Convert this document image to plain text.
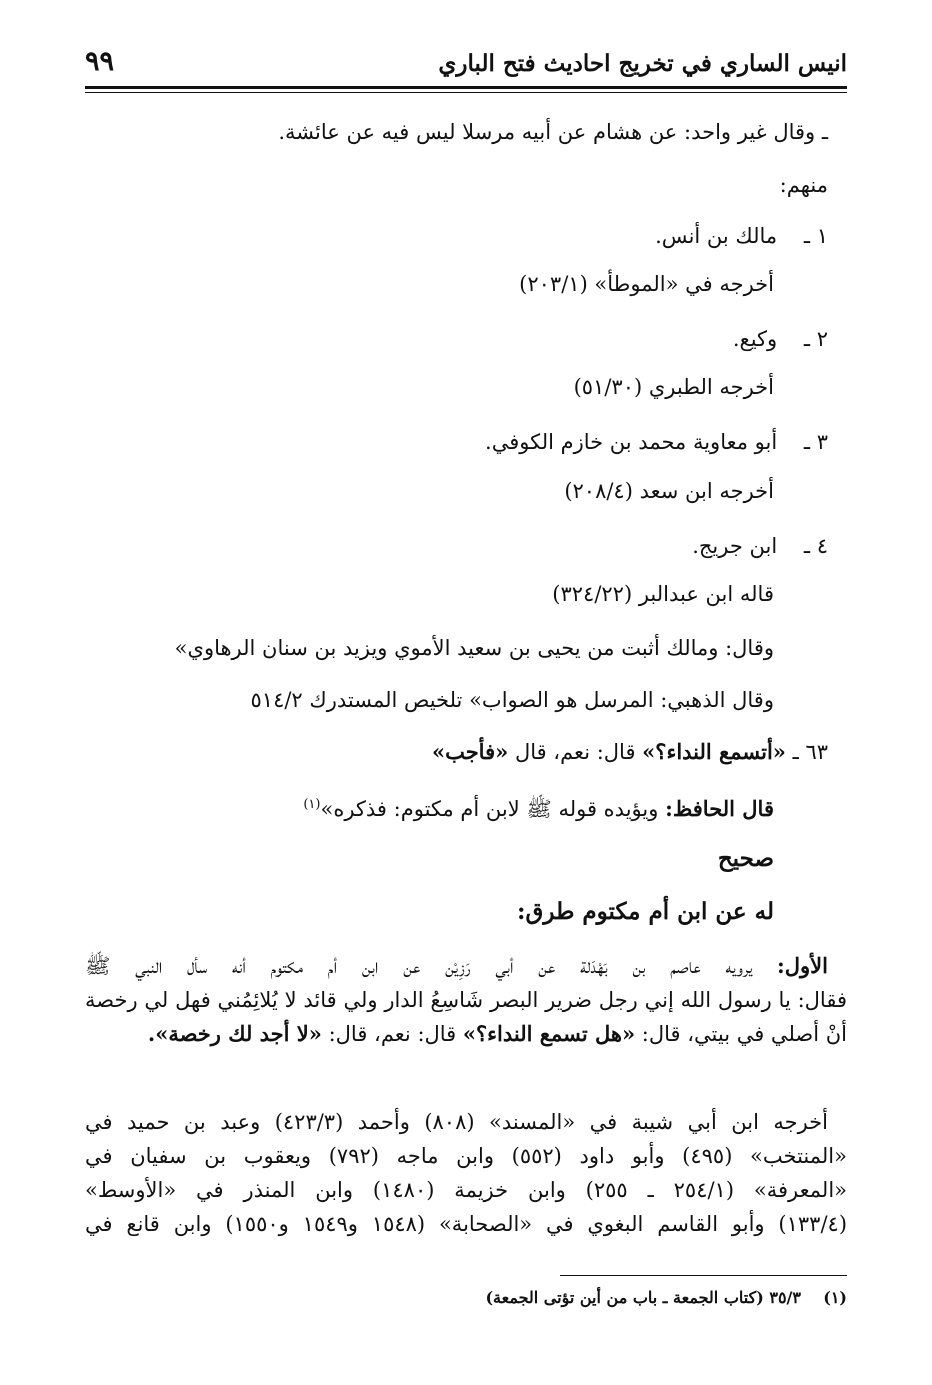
انيس الساري في تخريج احاديث فتح الباري
٩٩
ـ وقال غير واحد: عن هشام عن أبيه مرسلا ليس فيه عن عائشة.
منهم:
١ ـ    مالك بن أنس.
أخرجه في «الموطأ» (٢٠٣/١)
٢ ـ    وكيع.
أخرجه الطبري (٥١/٣٠)
٣ ـ    أبو معاوية محمد بن خازم الكوفي.
أخرجه ابن سعد (٢٠٨/٤)
٤ ـ    ابن جريج.
قاله ابن عبدالبر (٣٢٤/٢٢)
وقال: ومالك أثبت من يحيى بن سعيد الأموي ويزيد بن سنان الرهاوي»
وقال الذهبي: المرسل هو الصواب» تلخيص المستدرك ٥١٤/٢
٦٣ ـ «أتسمع النداء؟» قال: نعم، قال «فأجب»
قال الحافظ: ويؤيده قوله ﷺ لابن أم مكتوم: فذكره»$^{(١)}$
صحيح
له عن ابن أم مكتوم طرق:
الأول: يرويه عاصم بن بَهْدَلة عن أبي رَزِيْن عن ابن أم مكتوم أنه سأل النبي ﷺ
فقال: يا رسول الله إني رجل ضرير البصر شَاسِعُ الدار ولي قائد لا يُلائِمُني فهل لي رخصة
أنْ أصلي في بيتي، قال: «هل تسمع النداء؟» قال: نعم، قال: «لا أجد لك رخصة».
أخرجه ابن أبي شيبة في «المسند» (٨٠٨) وأحمد (٤٢٣/٣) وعبد بن حميد في
«المنتخب» (٤٩٥) وأبو داود (٥٥٢) وابن ماجه (٧٩٢) ويعقوب بن سفيان في
«المعرفة» (٢٥٤/١ ـ ٢٥٥) وابن خزيمة (١٤٨٠) وابن المنذر في «الأوسط»
(١٣٣/٤) وأبو القاسم البغوي في «الصحابة» (١٥٤٨ و١٥٤٩ و١٥٥٠) وابن قانع في
(١)    ٣٥/٣ (كتاب الجمعة ـ باب من أين تؤتى الجمعة)
